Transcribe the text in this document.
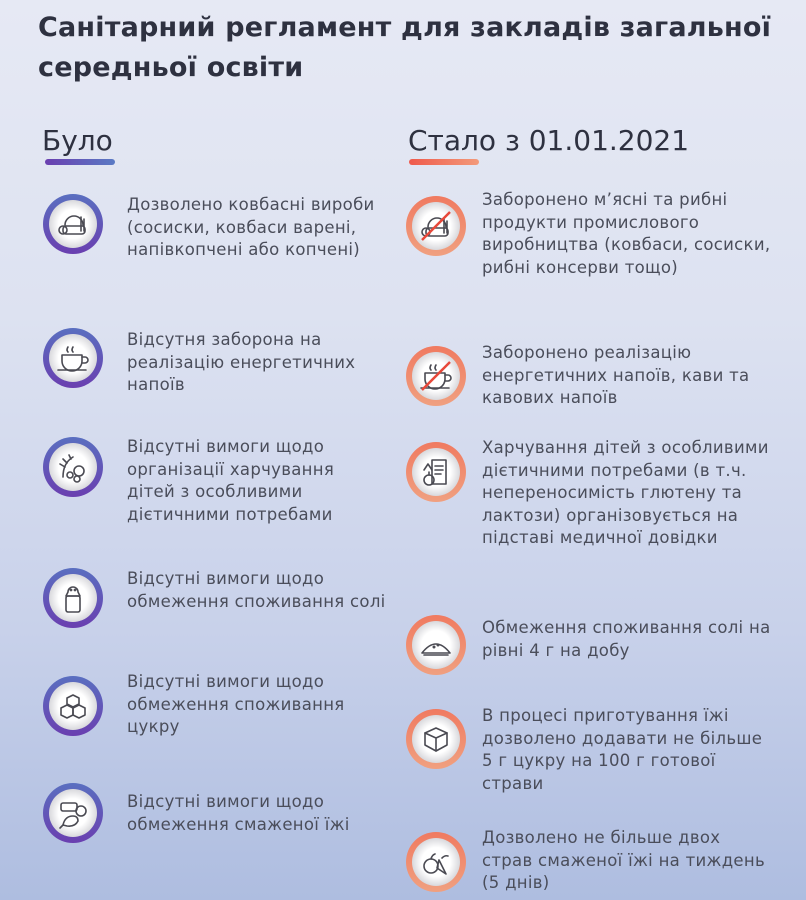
Санітарний регламент для закладів загальної середньої освіти
Було	Стало з 01.01.2021
Дозволено ковбасні вироби (сосиски, ковбаси варені, напівкопчені або копчені)
Відсутня заборона на реалізацію енергетичних напоїв
Відсутні вимоги щодо організації харчування дітей з особливими дієтичними потребами
Відсутні вимоги щодо обмеження споживання солі
Відсутні вимоги щодо обмеження споживання цукру
Відсутні вимоги щодо обмеження смаженої їжі
Заборонено м’ясні та рибні продукти промислового виробництва (ковбаси, сосиски, рибні консерви тощо)
Заборонено реалізацію енергетичних напоїв, кави та кавових напоїв
Харчування дітей з особливими дієтичними потребами (в т.ч. непереносимість глютену та лактози) організовується на підставі медичної довідки
Обмеження споживання солі на рівні 4 г на добу
В процесі приготування їжі дозволено додавати не більше 5 г цукру на 100 г готової страви
Дозволено не більше двох страв смаженої їжі на тиждень (5 днів)
